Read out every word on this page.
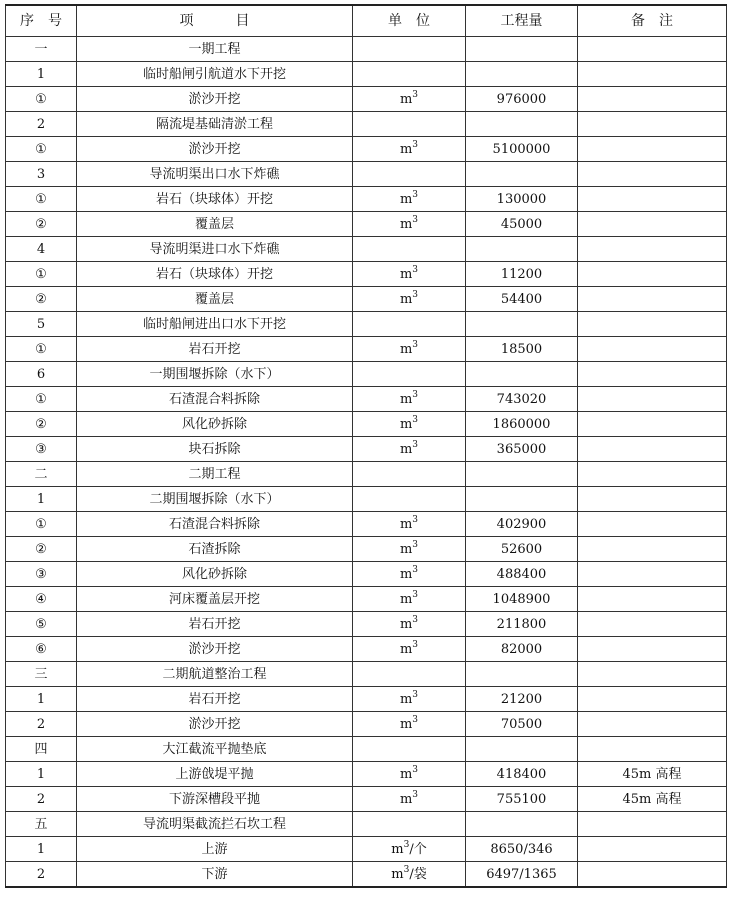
序　号	项　　　目	单　位	工程量	备　注
一	一期工程			
1	临时船闸引航道水下开挖			
①	淤沙开挖	$m^3$	976000	
2	隔流堤基础清淤工程			
①	淤沙开挖	$m^3$	5100000	
3	导流明渠出口水下炸礁			
①	岩石（块球体）开挖	$m^3$	130000	
②	覆盖层	$m^3$	45000	
4	导流明渠进口水下炸礁			
①	岩石（块球体）开挖	$m^3$	11200	
②	覆盖层	$m^3$	54400	
5	临时船闸进出口水下开挖			
①	岩石开挖	$m^3$	18500	
6	一期围堰拆除（水下）			
①	石渣混合料拆除	$m^3$	743020	
②	风化砂拆除	$m^3$	1860000	
③	块石拆除	$m^3$	365000	
二	二期工程			
1	二期围堰拆除（水下）			
①	石渣混合料拆除	$m^3$	402900	
②	石渣拆除	$m^3$	52600	
③	风化砂拆除	$m^3$	488400	
④	河床覆盖层开挖	$m^3$	1048900	
⑤	岩石开挖	$m^3$	211800	
⑥	淤沙开挖	$m^3$	82000	
三	二期航道整治工程			
1	岩石开挖	$m^3$	21200	
2	淤沙开挖	$m^3$	70500	
四	大江截流平抛垫底			
1	上游戗堤平抛	$m^3$	418400	45m 高程
2	下游深槽段平抛	$m^3$	755100	45m 高程
五	导流明渠截流拦石坎工程			
1	上游	$m^3/$个	8650/346	
2	下游	$m^3/$袋	6497/1365	
